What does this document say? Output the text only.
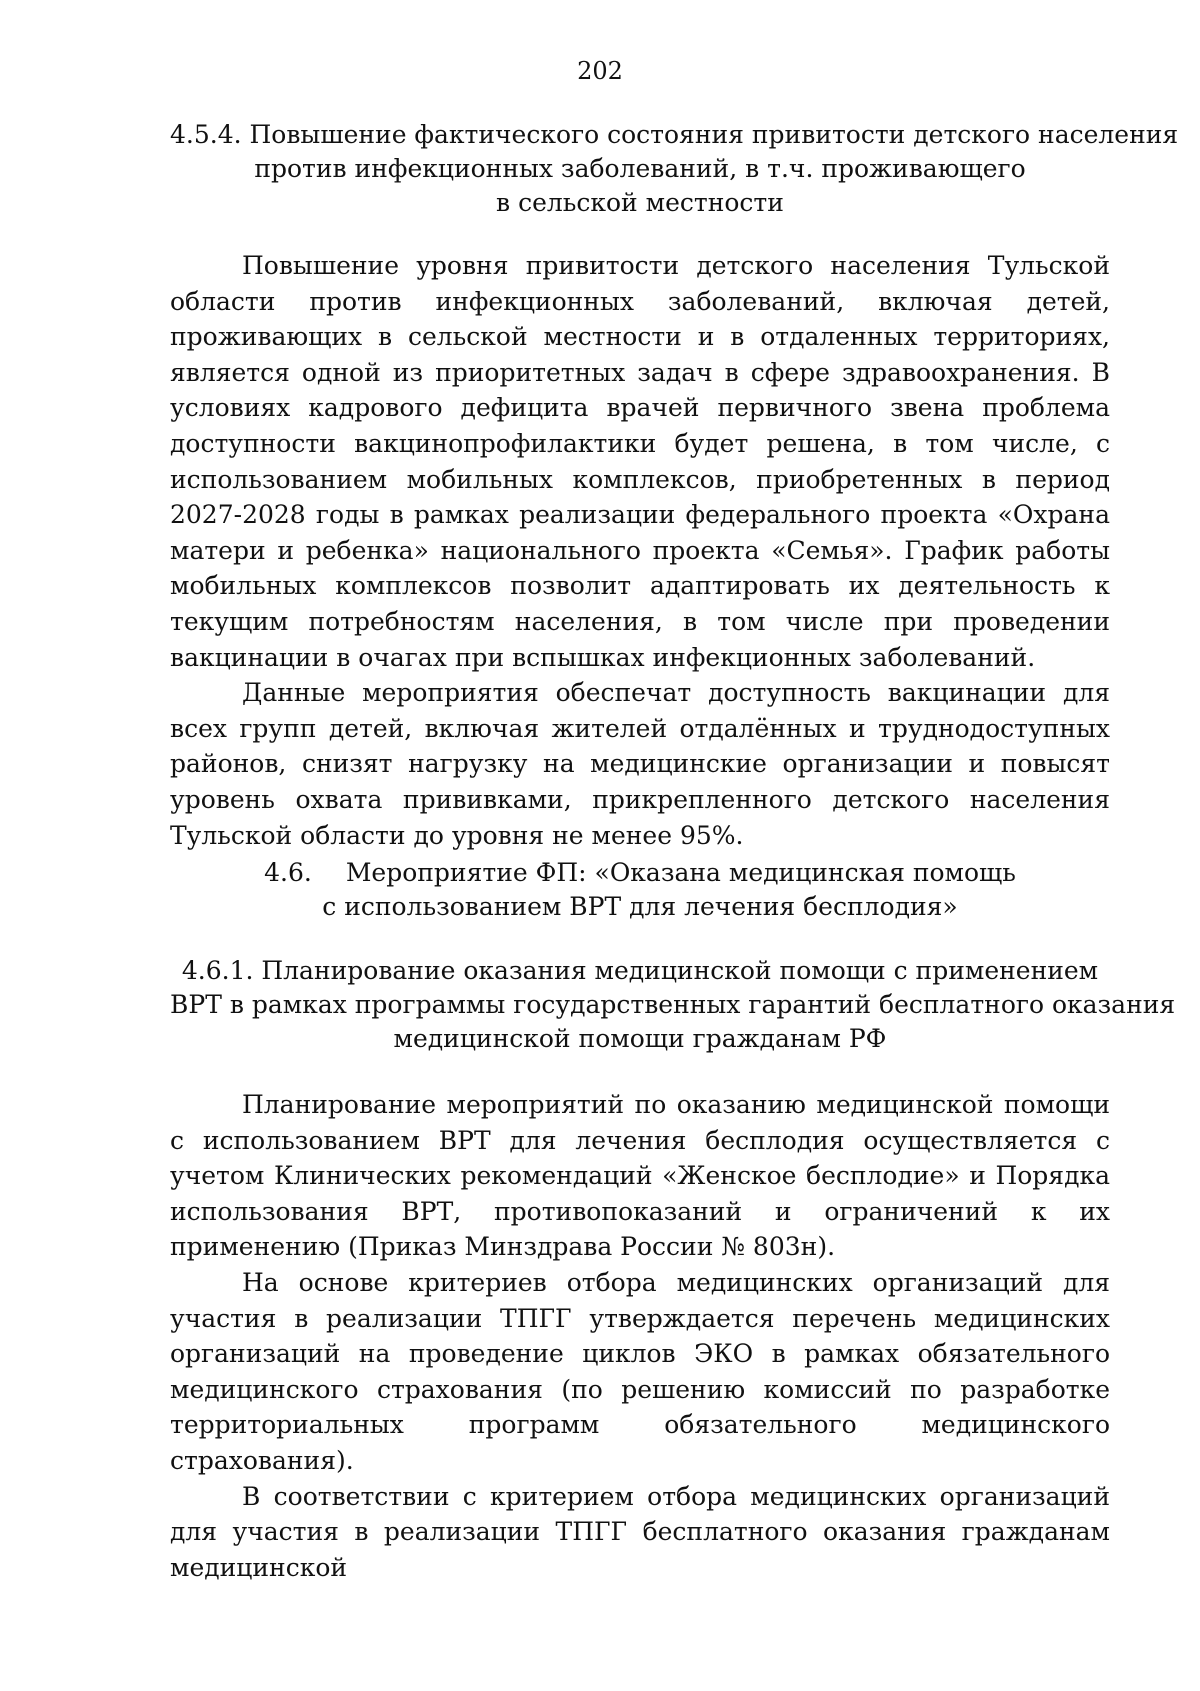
202
4.5.4. Повышение фактического состояния привитости детского населения
против инфекционных заболеваний, в т.ч. проживающего
в сельской местности

Повышение уровня привитости детского населения Тульской области против инфекционных заболеваний, включая детей, проживающих в сельской местности и в отдаленных территориях, является одной из приоритетных задач в сфере здравоохранения. В условиях кадрового дефицита врачей первичного звена проблема доступности вакцинопрофилактики будет решена, в том числе, с использованием мобильных комплексов, приобретенных в период 2027-2028 годы в рамках реализации федерального проекта «Охрана матери и ребенка» национального проекта «Семья». График работы мобильных комплексов позволит адаптировать их деятельность к текущим потребностям населения, в том числе при проведении вакцинации в очагах при вспышках инфекционных заболеваний.

Данные мероприятия обеспечат доступность вакцинации для всех групп детей, включая жителей отдалённых и труднодоступных районов, снизят нагрузку на медицинские организации и повысят уровень охвата прививками, прикрепленного детского населения Тульской области до уровня не менее 95%.

4.6. Мероприятие ФП: «Оказана медицинская помощь
с использованием ВРТ для лечения бесплодия»
4.6.1. Планирование оказания медицинской помощи с применением
ВРТ в рамках программы государственных гарантий бесплатного оказания
медицинской помощи гражданам РФ

Планирование мероприятий по оказанию медицинской помощи с использованием ВРТ для лечения бесплодия осуществляется с учетом Клинических рекомендаций «Женское бесплодие» и Порядка использования ВРТ, противопоказаний и ограничений к их применению (Приказ Минздрава России № 803н).

На основе критериев отбора медицинских организаций для участия в реализации ТПГГ утверждается перечень медицинских организаций на проведение циклов ЭКО в рамках обязательного медицинского страхования (по решению комиссий по разработке территориальных программ обязательного медицинского страхования).

В соответствии с критерием отбора медицинских организаций для участия в реализации ТПГГ бесплатного оказания гражданам медицинской
